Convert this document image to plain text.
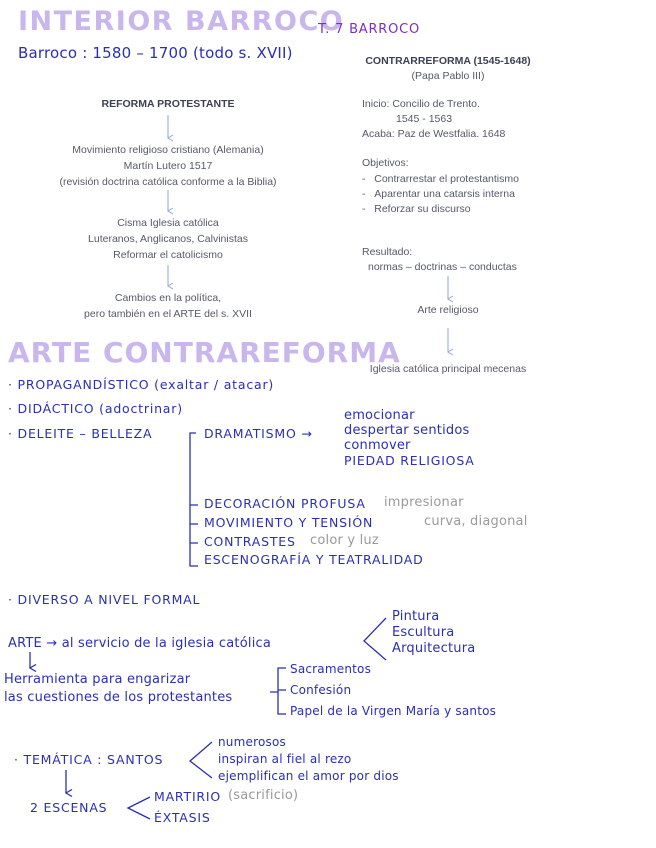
INTERIOR BARROCO
T. 7 BARROCO
Barroco : 1580 – 1700 (todo s. XVII)
REFORMA PROTESTANTE
Movimiento religioso cristiano (Alemania)
Martín Lutero 1517
(revisión doctrina católica conforme a la Biblia)
Cisma Iglesia católica
Luteranos, Anglicanos, Calvinistas
Reformar el catolicismo
Cambios en la política,
pero también en el ARTE del s. XVII
CONTRARREFORMA (1545-1648)
(Papa Pablo III)
Inicio: Concilio de Trento.
1545 - 1563
Acaba: Paz de Westfalia. 1648
Objetivos:
-   Contrarrestar el protestantismo
-   Aparentar una catarsis interna
-   Reforzar su discurso
Resultado:
normas – doctrinas – conductas
Arte religioso
Iglesia católica principal mecenas
ARTE CONTRAREFORMA
· PROPAGANDÍSTICO (exaltar / atacar)
· DIDÁCTICO (adoctrinar)
· DELEITE – BELLEZA	DRAMATISMO →
emocionar
despertar sentidos
conmover
PIEDAD RELIGIOSA
DECORACIÓN PROFUSA impresionar
MOVIMIENTO Y TENSIÓN	curva, diagonal
CONTRASTES color y luz
ESCENOGRAFÍA Y TEATRALIDAD
· DIVERSO A NIVEL FORMAL
ARTE → al servicio de la iglesia católica
Pintura
Escultura
Arquitectura
Herramienta para engarizar
las cuestiones de los protestantes
Sacramentos
Confesión
Papel de la Virgen María y santos
· TEMÁTICA : SANTOS
numerosos
inspiran al fiel al rezo
ejemplifican el amor por dios
2 ESCENAS
MARTIRIO (sacrificio)
ÉXTASIS
